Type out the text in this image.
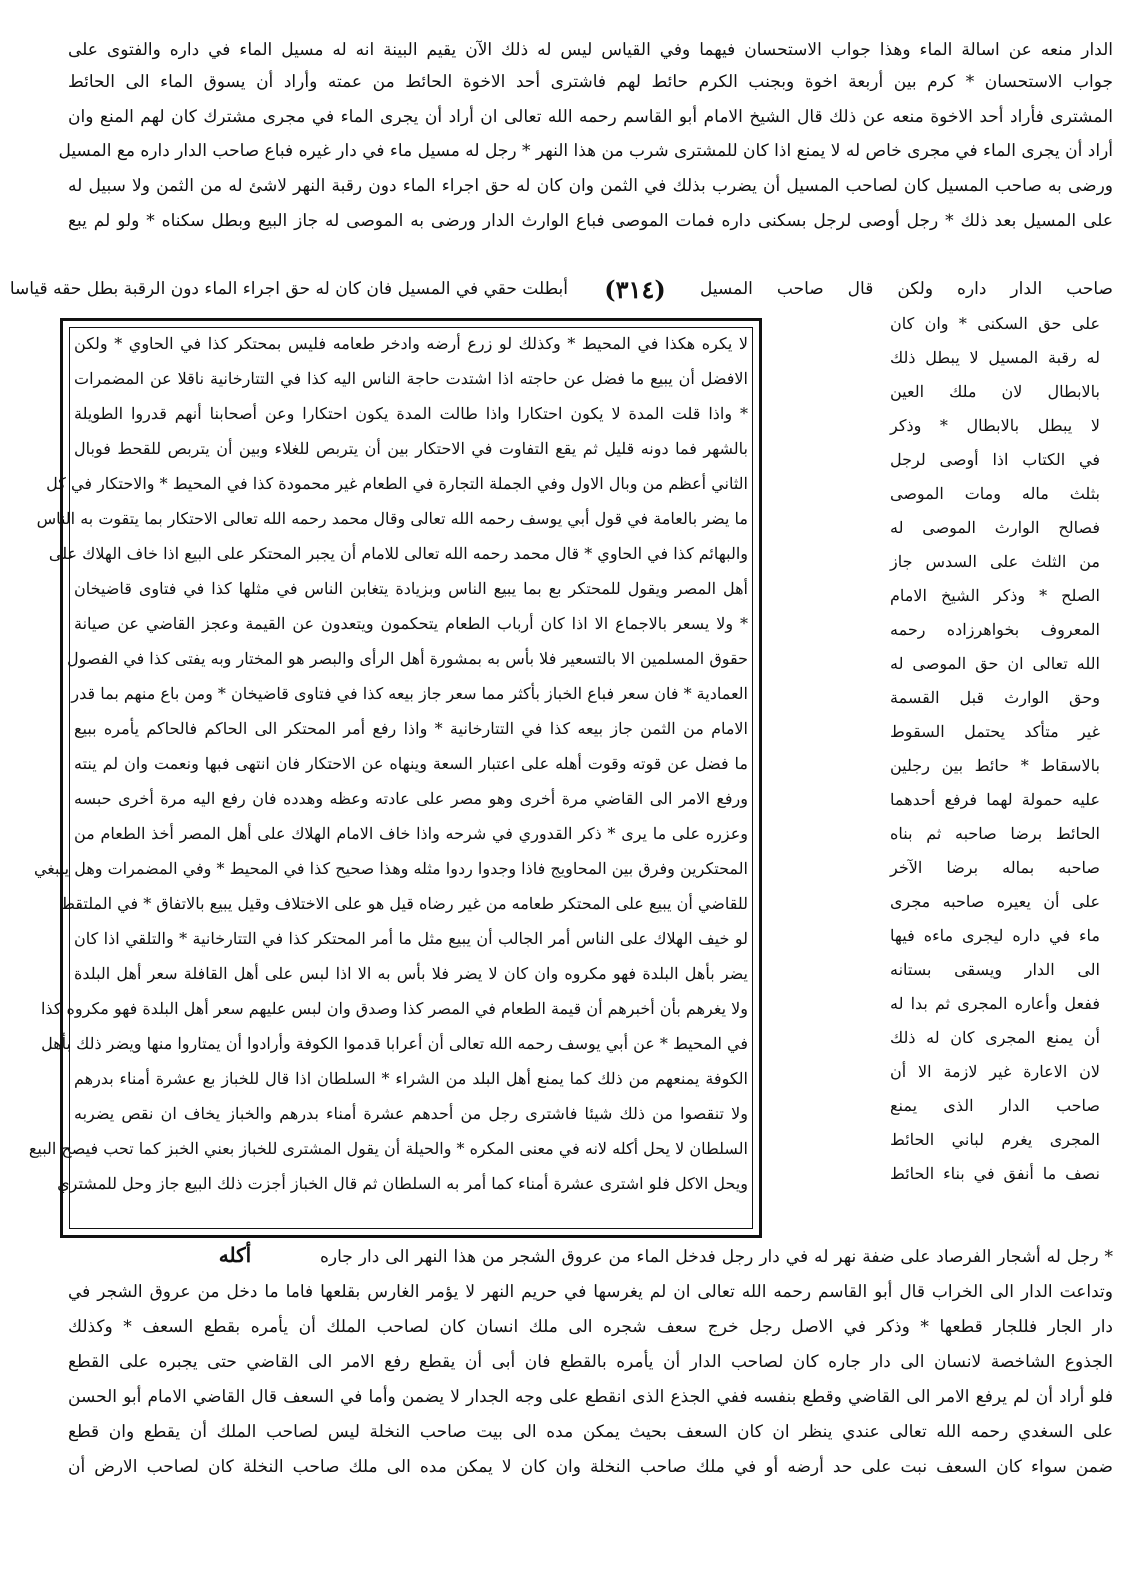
الدار منعه عن اسالة الماء وهذا جواب الاستحسان فيهما وفي القياس ليس له ذلك الآن يقيم البينة انه له مسيل الماء في داره والفتوى على
جواب الاستحسان * كرم بين أربعة اخوة وبجنب الكرم حائط لهم فاشترى أحد الاخوة الحائط من عمته وأراد أن يسوق الماء الى الحائط
المشترى فأراد أحد الاخوة منعه عن ذلك قال الشيخ الامام أبو القاسم رحمه الله تعالى ان أراد أن يجرى الماء في مجرى مشترك كان لهم المنع وان
أراد أن يجرى الماء في مجرى خاص له لا يمنع اذا كان للمشترى شرب من هذا النهر * رجل له مسيل ماء في دار غيره فباع صاحب الدار داره مع المسيل
ورضى به صاحب المسيل كان لصاحب المسيل أن يضرب بذلك في الثمن وان كان له حق اجراء الماء دون رقبة النهر لاشئ له من الثمن ولا سبيل له
على المسيل بعد ذلك * رجل أوصى لرجل بسكنى داره فمات الموصى فباع الوارث الدار ورضى به الموصى له جاز البيع وبطل سكناه * ولو لم يبع
صاحب الدار داره ولكن قال صاحب المسيل
(٣١٤)
أبطلت حقي في المسيل فان كان له حق اجراء الماء دون الرقبة بطل حقه قياسا
على حق السكنى * وان كان
له رقبة المسيل لا يبطل ذلك
بالابطال لان ملك العين
لا يبطل بالابطال * وذكر
في الكتاب اذا أوصى لرجل
بثلث ماله ومات الموصى
فصالح الوارث الموصى له
من الثلث على السدس جاز
الصلح * وذكر الشيخ الامام
المعروف بخواهرزاده رحمه
الله تعالى ان حق الموصى له
وحق الوارث قبل القسمة
غير متأكد يحتمل السقوط
بالاسقاط * حائط بين رجلين
عليه حمولة لهما فرفع أحدهما
الحائط برضا صاحبه ثم بناه
صاحبه بماله برضا الآخر
على أن يعيره صاحبه مجرى
ماء في داره ليجرى ماءه فيها
الى الدار ويسقى بستانه
ففعل وأعاره المجرى ثم بدا له
أن يمنع المجرى كان له ذلك
لان الاعارة غير لازمة الا أن
صاحب الدار الذى يمنع
المجرى يغرم لباني الحائط
نصف ما أنفق في بناء الحائط
لا يكره هكذا في المحيط * وكذلك لو زرع أرضه وادخر طعامه فليس بمحتكر كذا في الحاوي * ولكن
الافضل أن يبيع ما فضل عن حاجته اذا اشتدت حاجة الناس اليه كذا في التتارخانية ناقلا عن المضمرات
* واذا قلت المدة لا يكون احتكارا واذا طالت المدة يكون احتكارا وعن أصحابنا أنهم قدروا الطويلة
بالشهر فما دونه قليل ثم يقع التفاوت في الاحتكار بين أن يتربص للغلاء وبين أن يتربص للقحط فوبال
الثاني أعظم من وبال الاول وفي الجملة التجارة في الطعام غير محمودة كذا في المحيط * والاحتكار في كل
ما يضر بالعامة في قول أبي يوسف رحمه الله تعالى وقال محمد رحمه الله تعالى الاحتكار بما يتقوت به الناس
والبهائم كذا في الحاوي * قال محمد رحمه الله تعالى للامام أن يجبر المحتكر على البيع اذا خاف الهلاك على
أهل المصر ويقول للمحتكر بع بما يبيع الناس وبزيادة يتغابن الناس في مثلها كذا في فتاوى قاضيخان
* ولا يسعر بالاجماع الا اذا كان أرباب الطعام يتحكمون ويتعدون عن القيمة وعجز القاضي عن صيانة
حقوق المسلمين الا بالتسعير فلا بأس به بمشورة أهل الرأى والبصر هو المختار وبه يفتى كذا في الفصول
العمادية * فان سعر فباع الخباز بأكثر مما سعر جاز بيعه كذا في فتاوى قاضيخان * ومن باع منهم بما قدر
الامام من الثمن جاز بيعه كذا في التتارخانية * واذا رفع أمر المحتكر الى الحاكم فالحاكم يأمره ببيع
ما فضل عن قوته وقوت أهله على اعتبار السعة وينهاه عن الاحتكار فان انتهى فبها ونعمت وان لم ينته
ورفع الامر الى القاضي مرة أخرى وهو مصر على عادته وعظه وهدده فان رفع اليه مرة أخرى حبسه
وعزره على ما يرى * ذكر القدوري في شرحه واذا خاف الامام الهلاك على أهل المصر أخذ الطعام من
المحتكرين وفرق بين المحاويج فاذا وجدوا ردوا مثله وهذا صحيح كذا في المحيط * وفي المضمرات وهل ينبغي
للقاضي أن يبيع على المحتكر طعامه من غير رضاه قيل هو على الاختلاف وقيل يبيع بالاتفاق * في الملتقط
لو خيف الهلاك على الناس أمر الجالب أن يبيع مثل ما أمر المحتكر كذا في التتارخانية * والتلقي اذا كان
يضر بأهل البلدة فهو مكروه وان كان لا يضر فلا بأس به الا اذا لبس على أهل القافلة سعر أهل البلدة
ولا يغرهم بأن أخبرهم أن قيمة الطعام في المصر كذا وصدق وان لبس عليهم سعر أهل البلدة فهو مكروه كذا
في المحيط * عن أبي يوسف رحمه الله تعالى أن أعرابا قدموا الكوفة وأرادوا أن يمتاروا منها ويضر ذلك بأهل
الكوفة يمنعهم من ذلك كما يمنع أهل البلد من الشراء * السلطان اذا قال للخباز بع عشرة أمناء بدرهم
ولا تنقصوا من ذلك شيئا فاشترى رجل من أحدهم عشرة أمناء بدرهم والخباز يخاف ان نقص يضربه
السلطان لا يحل أكله لانه في معنى المكره * والحيلة أن يقول المشترى للخباز بعني الخبز كما تحب فيصح البيع
ويحل الاكل فلو اشترى عشرة أمناء كما أمر به السلطان ثم قال الخباز أجزت ذلك البيع جاز وحل للمشتري
* رجل له أشجار الفرصاد على ضفة نهر له في دار رجل فدخل الماء من عروق الشجر من هذا النهر الى دار جاره
أكله
وتداعت الدار الى الخراب قال أبو القاسم رحمه الله تعالى ان لم يغرسها في حريم النهر لا يؤمر الغارس بقلعها فاما ما دخل من عروق الشجر في
دار الجار فللجار قطعها * وذكر في الاصل رجل خرج سعف شجره الى ملك انسان كان لصاحب الملك أن يأمره بقطع السعف * وكذلك
الجذوع الشاخصة لانسان الى دار جاره كان لصاحب الدار أن يأمره بالقطع فان أبى أن يقطع رفع الامر الى القاضي حتى يجبره على القطع
فلو أراد أن لم يرفع الامر الى القاضي وقطع بنفسه ففي الجذع الذى انقطع على وجه الجدار لا يضمن وأما في السعف قال القاضي الامام أبو الحسن
على السغدي رحمه الله تعالى عندي ينظر ان كان السعف بحيث يمكن مده الى بيت صاحب النخلة ليس لصاحب الملك أن يقطع وان قطع
ضمن سواء كان السعف نبت على حد أرضه أو في ملك صاحب النخلة وان كان لا يمكن مده الى ملك صاحب النخلة كان لصاحب الارض أن
